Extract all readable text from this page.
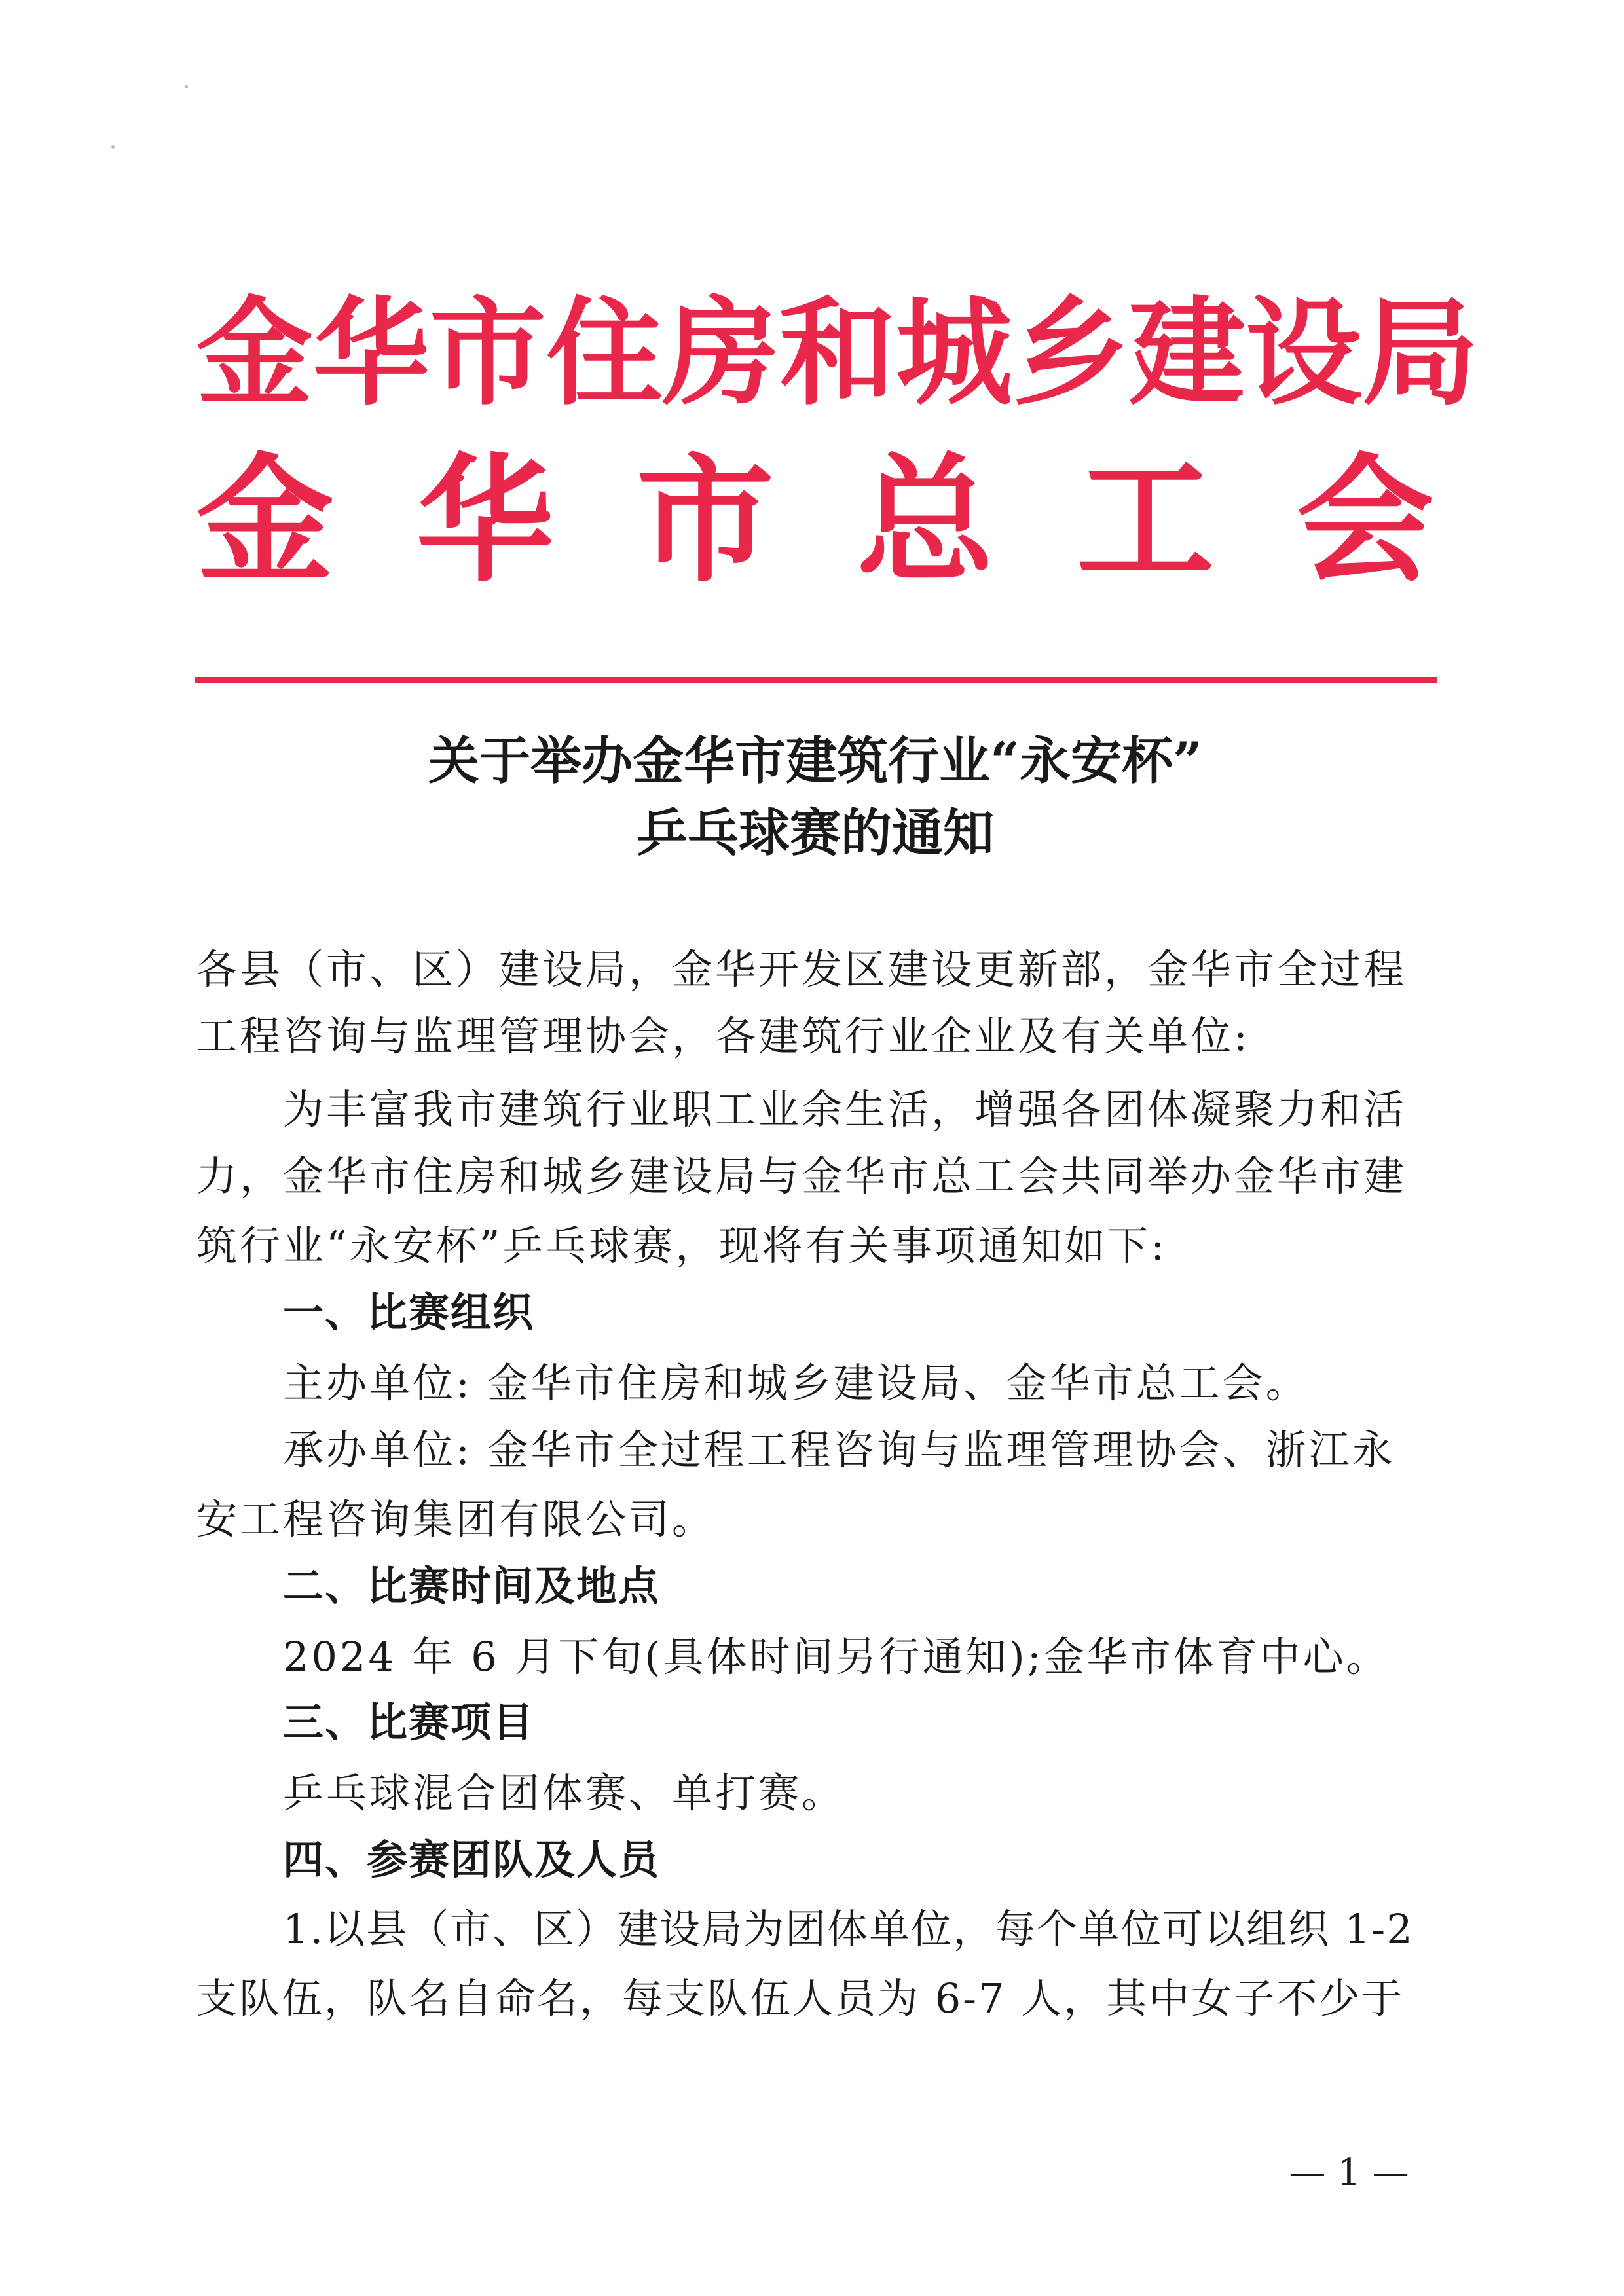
金 华 市 住 房 和 城 乡 建 设 局
金 华 市 总 工 会
关于举办金华市建筑行业“永安杯”
乒乓球赛的通知
各县（市、区）建设局，金华开发区建设更新部，金华市全过程
工程咨询与监理管理协会，各建筑行业企业及有关单位:
为丰富我市建筑行业职工业余生活，增强各团体凝聚力和活
力，金华市住房和城乡建设局与金华市总工会共同举办金华市建
筑行业“永安杯”乒乓球赛，现将有关事项通知如下:
一、比赛组织
主办单位: 金华市住房和城乡建设局、金华市总工会。
承办单位: 金华市全过程工程咨询与监理管理协会、浙江永
安工程咨询集团有限公司。
二、比赛时间及地点
2024 年 6 月下旬(具体时间另行通知);金华市体育中心。
三、比赛项目
乒乓球混合团体赛、单打赛。
四、参赛团队及人员
1.以县（市、区）建设局为团体单位，每个单位可以组织 1-2
支队伍，队名自命名，每支队伍人员为 6-7 人，其中女子不少于
— 1 —
